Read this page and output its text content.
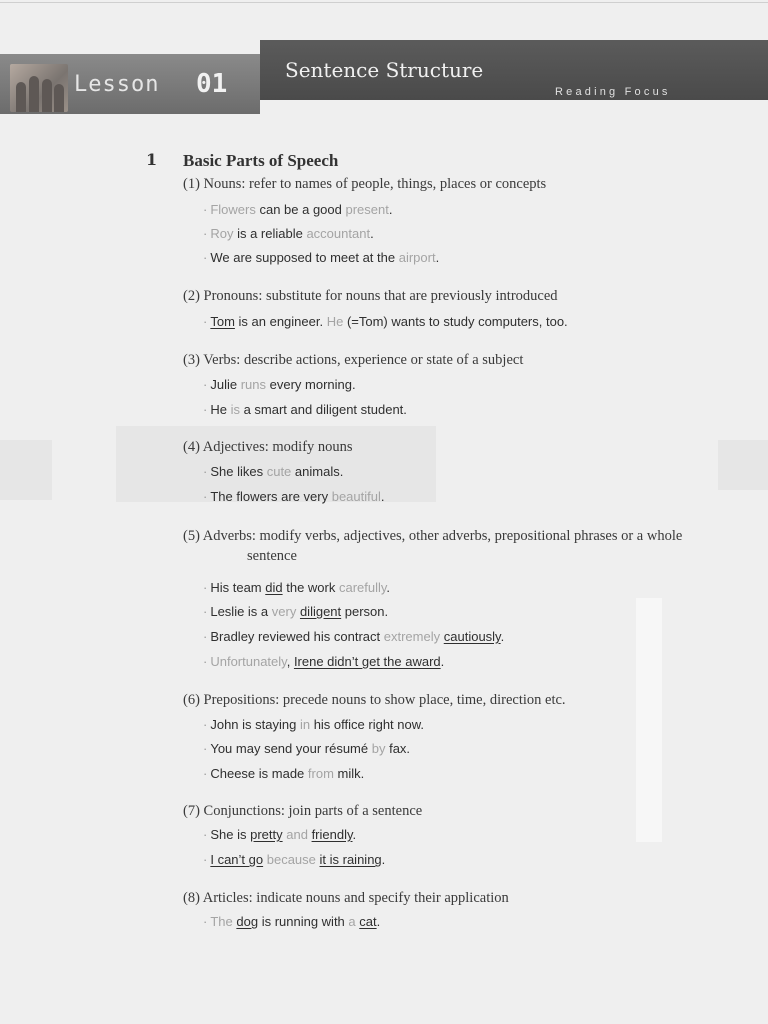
Lesson 01	Sentence Structure
Reading Focus
1 Basic Parts of Speech
(1) Nouns: refer to names of people, things, places or concepts
· Flowers can be a good present.
· Roy is a reliable accountant.
· We are supposed to meet at the airport.
(2) Pronouns: substitute for nouns that are previously introduced
· Tom is an engineer. He (=Tom) wants to study computers, too.
(3) Verbs: describe actions, experience or state of a subject
· Julie runs every morning.
· He is a smart and diligent student.
(4) Adjectives: modify nouns
· She likes cute animals.
· The flowers are very beautiful.
(5) Adverbs: modify verbs, adjectives, other adverbs, prepositional phrases or a whole
sentence
· His team did the work carefully.
· Leslie is a very diligent person.
· Bradley reviewed his contract extremely cautiously.
· Unfortunately, Irene didn’t get the award.
(6) Prepositions: precede nouns to show place, time, direction etc.
· John is staying in his office right now.
· You may send your résumé by fax.
· Cheese is made from milk.
(7) Conjunctions: join parts of a sentence
· She is pretty and friendly.
· I can’t go because it is raining.
(8) Articles: indicate nouns and specify their application
· The dog is running with a cat.
